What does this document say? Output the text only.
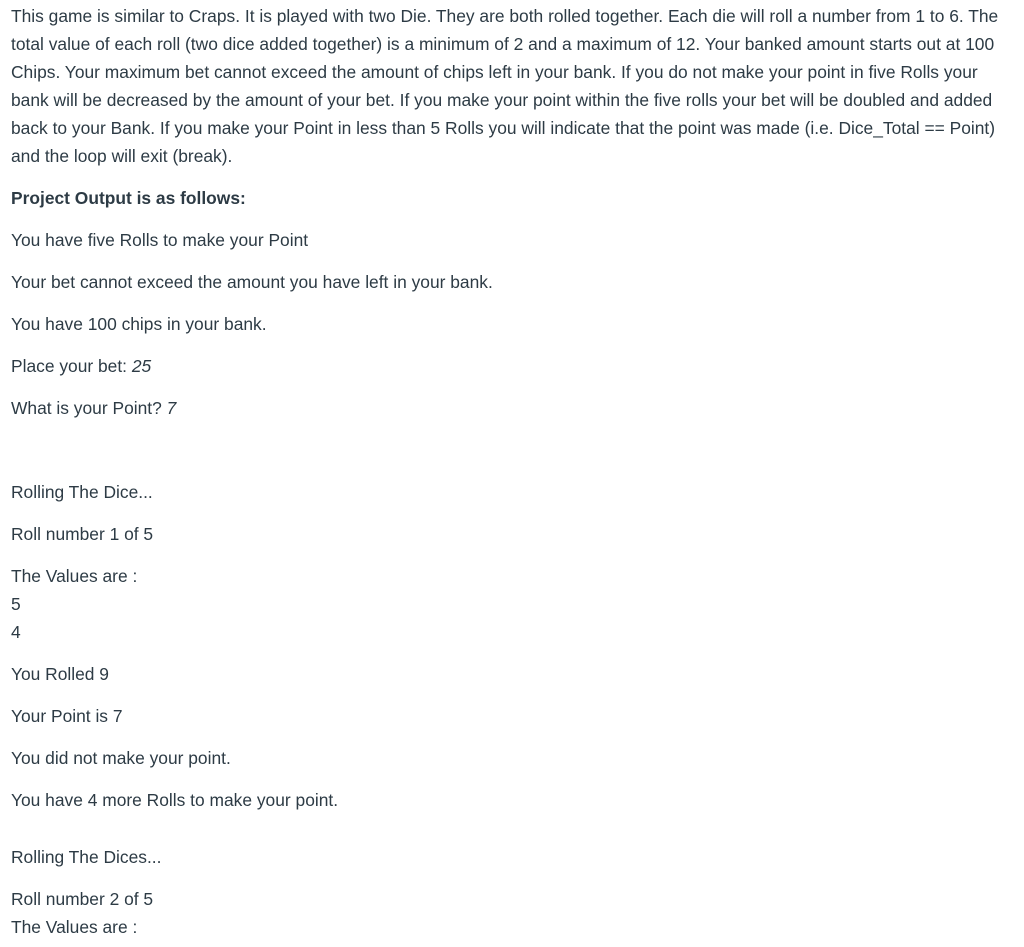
This game is similar to Craps. It is played with two Die. They are both rolled together. Each die will roll a number from 1 to 6. The total value of each roll (two dice added together) is a minimum of 2 and a maximum of 12. Your banked amount starts out at 100 Chips. Your maximum bet cannot exceed the amount of chips left in your bank. If you do not make your point in five Rolls your bank will be decreased by the amount of your bet. If you make your point within the five rolls your bet will be doubled and added back to your Bank. If you make your Point in less than 5 Rolls you will indicate that the point was made (i.e. Dice_Total == Point) and the loop will exit (break).

Project Output is as follows:
You have five Rolls to make your Point
Your bet cannot exceed the amount you have left in your bank.
You have 100 chips in your bank.
Place your bet: 25
What is your Point? 7
Rolling The Dice...
Roll number 1 of 5
The Values are :
5
4
You Rolled 9
Your Point is 7
You did not make your point.
You have 4 more Rolls to make your point.
Rolling The Dices...
Roll number 2 of 5
The Values are :
